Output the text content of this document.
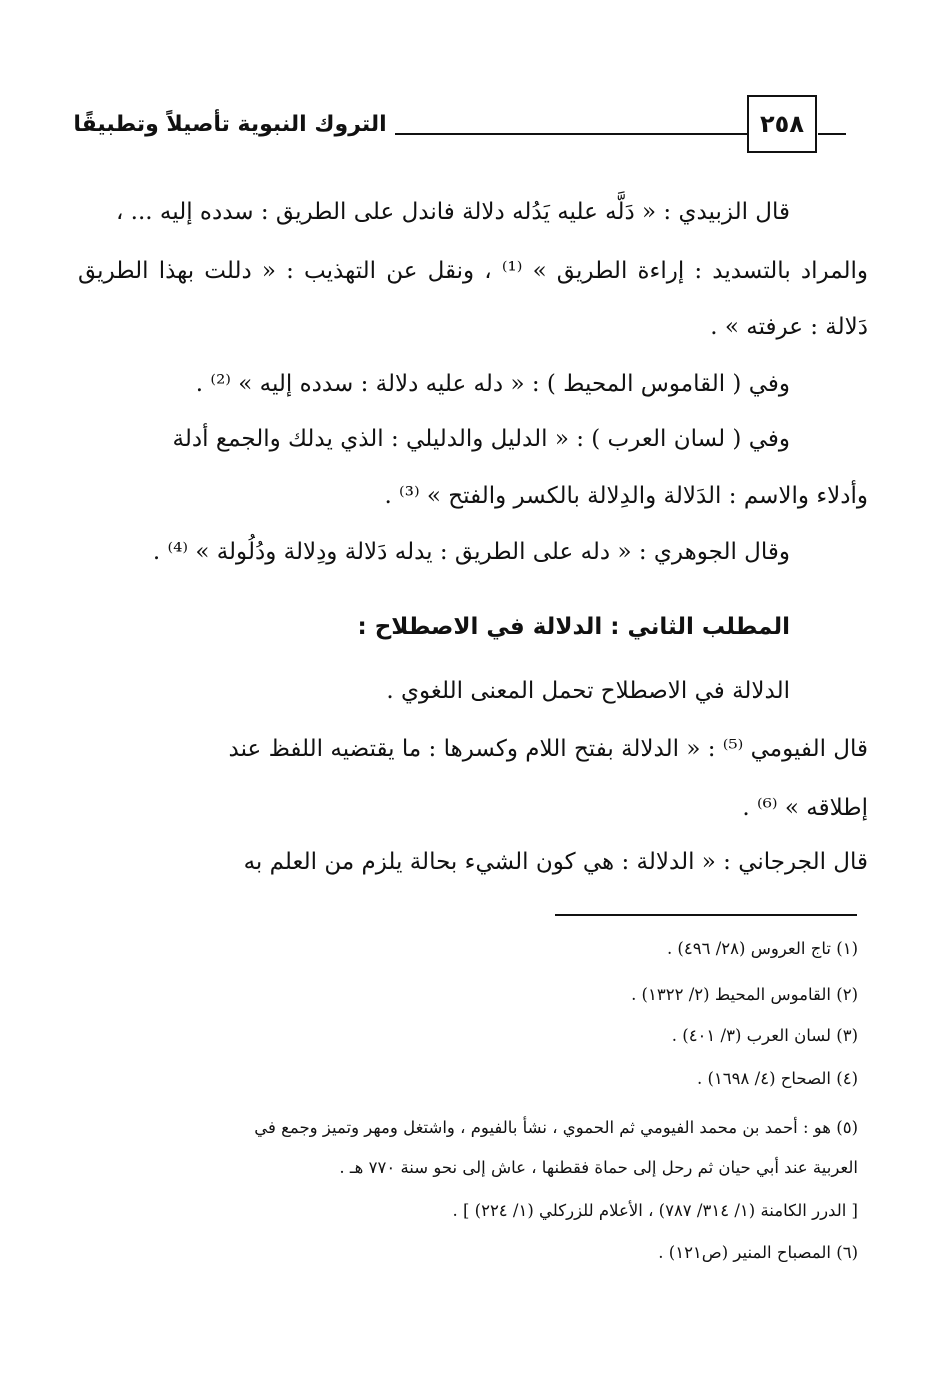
٢٥٨
التروك النبوية تأصيلاً وتطبيقًا
قال الزبيدي : « دَلَّه عليه يَدُله دلالة فاندل على الطريق : سدده إليه ... ،
والمراد بالتسديد : إراءة الطريق » ⁽¹⁾ ، ونقل عن التهذيب : « دللت بهذا الطريق
دَلالة : عرفته » .
وفي ( القاموس المحيط ) : « دله عليه دلالة : سدده إليه » ⁽²⁾ .
وفي ( لسان العرب ) : « الدليل والدليلي : الذي يدلك والجمع أدلة
وأدلاء والاسم : الدَلالة والدِلالة بالكسر والفتح » ⁽³⁾ .
وقال الجوهري : « دله على الطريق : يدله دَلالة ودِلالة ودُلُولة » ⁽⁴⁾ .
المطلب الثاني : الدلالة في الاصطلاح :
الدلالة في الاصطلاح تحمل المعنى اللغوي .
قال الفيومي ⁽⁵⁾ : « الدلالة بفتح اللام وكسرها : ما يقتضيه اللفظ عند
إطلاقه » ⁽⁶⁾ .
قال الجرجاني : « الدلالة : هي كون الشيء بحالة يلزم من العلم به
(١) تاج العروس (٢٨/ ٤٩٦) .
(٢) القاموس المحيط (٢/ ١٣٢٢) .
(٣) لسان العرب (٣/ ٤٠١) .
(٤) الصحاح (٤/ ١٦٩٨) .
(٥) هو : أحمد بن محمد الفيومي ثم الحموي ، نشأ بالفيوم ، واشتغل ومهر وتميز وجمع في
العربية عند أبي حيان ثم رحل إلى حماة فقطنها ، عاش إلى نحو سنة ٧٧٠ هـ .
[ الدرر الكامنة (١/ ٣١٤/ ٧٨٧) ، الأعلام للزركلي (١/ ٢٢٤) ] .
(٦) المصباح المنير (ص١٢١) .
